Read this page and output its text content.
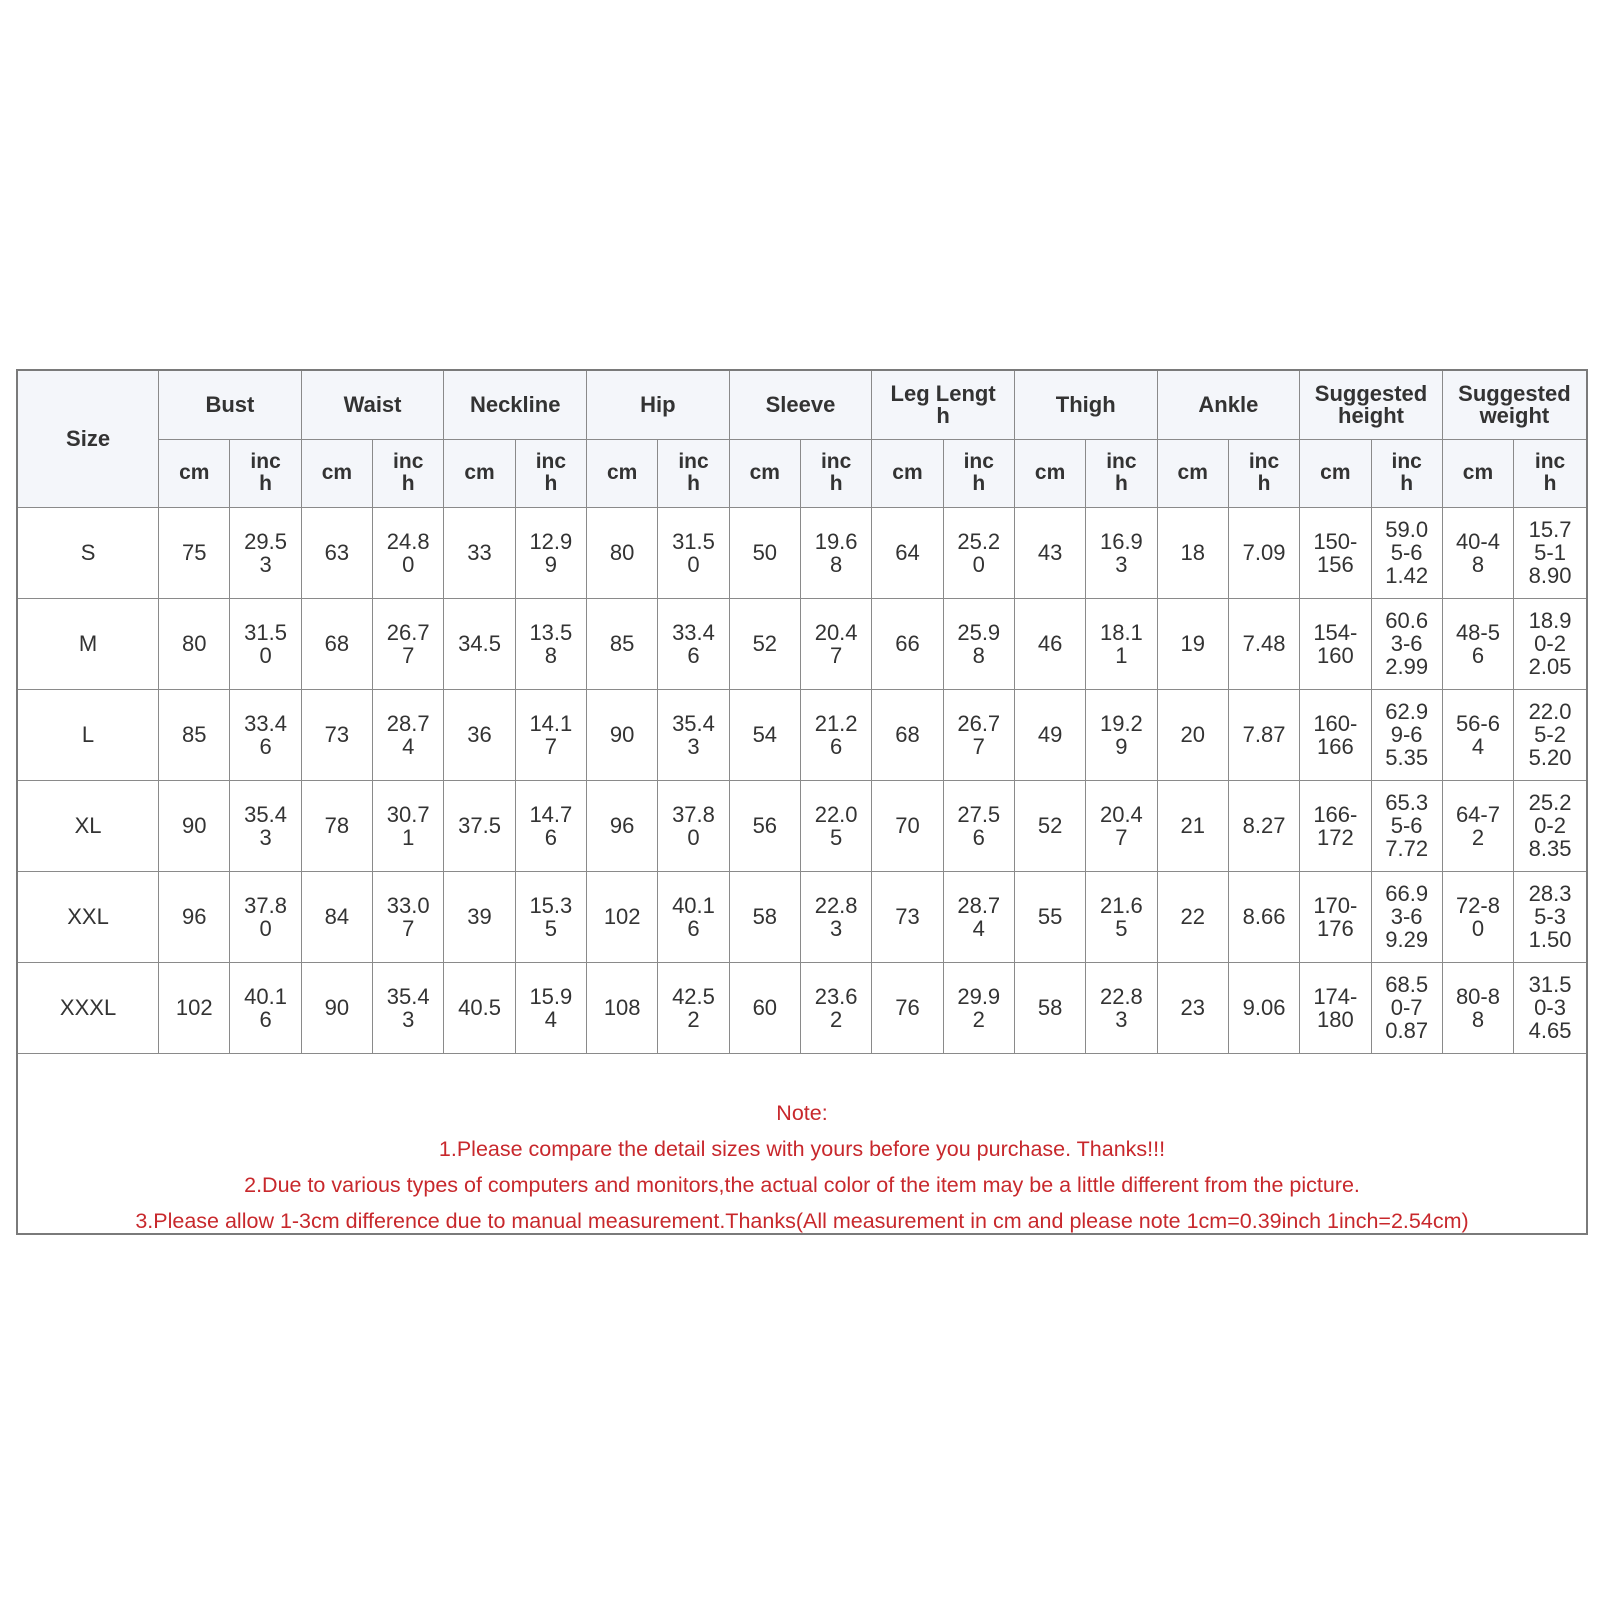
Size	Bust		Waist		Neckline		Hip		Sleeve		Leg Length		Thigh		Ankle		Suggested height		Suggested weight	
	cm	inch	cm	inch	cm	inch	cm	inch	cm	inch	cm	inch	cm	inch	cm	inch	cm	inch	cm	inch
S	75	29.53	63	24.80	33	12.99	80	31.50	50	19.68	64	25.20	43	16.93	18	7.09	150-156	59.05-61.42	40-48	15.75-18.90
M	80	31.50	68	26.77	34.5	13.58	85	33.46	52	20.47	66	25.98	46	18.11	19	7.48	154-160	60.63-62.99	48-56	18.90-22.05
L	85	33.46	73	28.74	36	14.17	90	35.43	54	21.26	68	26.77	49	19.29	20	7.87	160-166	62.99-65.35	56-64	22.05-25.20
XL	90	35.43	78	30.71	37.5	14.76	96	37.80	56	22.05	70	27.56	52	20.47	21	8.27	166-172	65.35-67.72	64-72	25.20-28.35
XXL	96	37.80	84	33.07	39	15.35	102	40.16	58	22.83	73	28.74	55	21.65	22	8.66	170-176	66.93-69.29	72-80	28.35-31.50
XXXL	102	40.16	90	35.43	40.5	15.94	108	42.52	60	23.62	76	29.92	58	22.83	23	9.06	174-180	68.50-70.87	80-88	31.50-34.65
Note:
1.Please compare the detail sizes with yours before you purchase. Thanks!!!
2.Due to various types of computers and monitors,the actual color of the item may be a little different from the picture.
3.Please allow 1-3cm difference due to manual measurement.Thanks(All measurement in cm and please note 1cm=0.39inch 1inch=2.54cm)
